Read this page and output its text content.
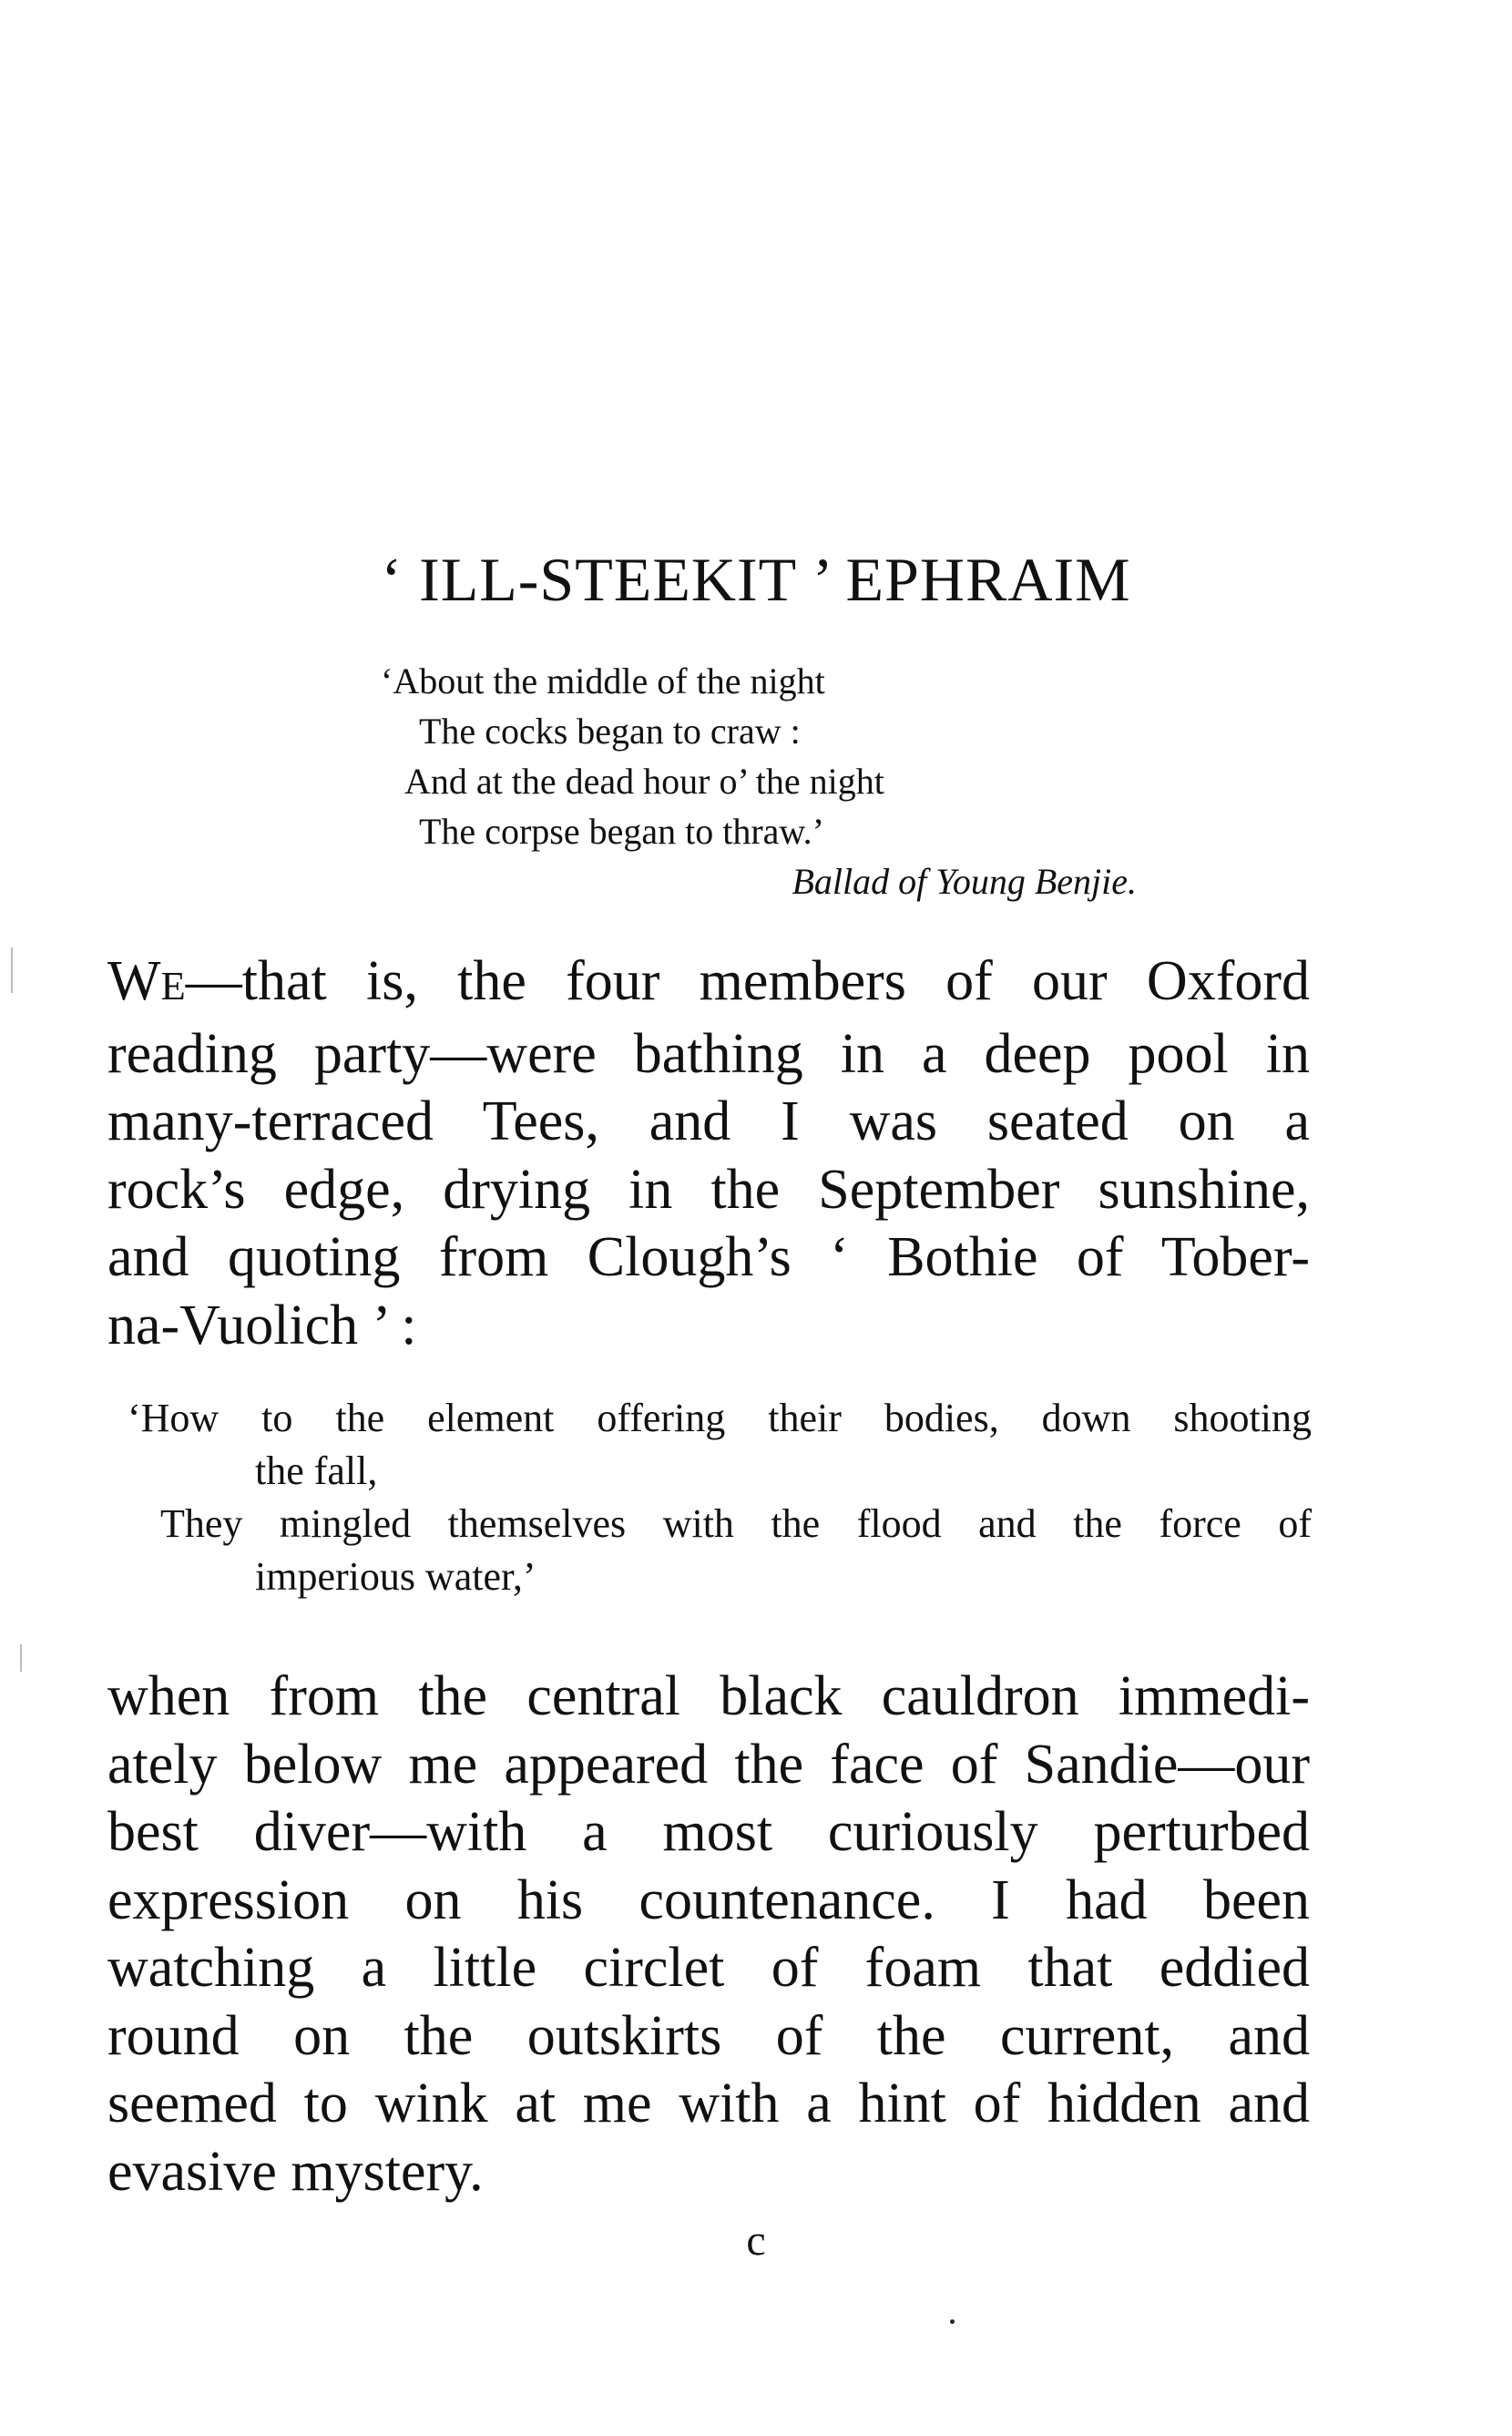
‘ ILL-STEEKIT ’ EPHRAIM
‘About the middle of the night
The cocks began to craw :
And at the dead hour o’ the night
The corpse began to thraw.’
Ballad of Young Benjie.
WE—that is, the four members of our Oxford
reading party—were bathing in a deep pool in
many-terraced Tees, and I was seated on a
rock’s edge, drying in the September sunshine,
and quoting from Clough’s ‘ Bothie of Tober-
na-Vuolich ’ :
‘How to the element offering their bodies, down shooting
the fall,
They mingled themselves with the flood and the force of
imperious water,’
when from the central black cauldron immedi-
ately below me appeared the face of Sandie—our
best diver—with a most curiously perturbed
expression on his countenance. I had been
watching a little circlet of foam that eddied
round on the outskirts of the current, and
seemed to wink at me with a hint of hidden and
evasive mystery.
c
